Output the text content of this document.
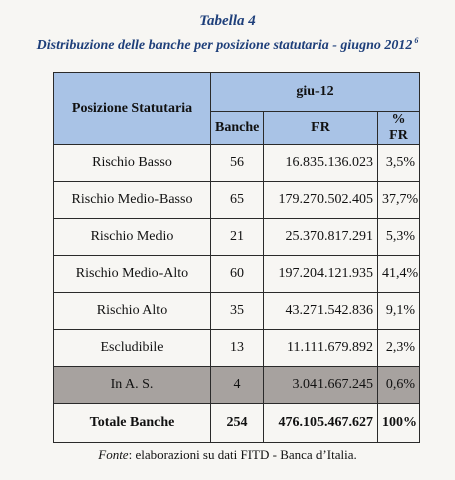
Tabella 4
Distribuzione delle banche per posizione statutaria - giugno 2012 $^6$
Posizione Statutaria	giu-12		
	Banche	FR	% FR
Rischio Basso	56	16.835.136.023	3,5%
Rischio Medio-Basso	65	179.270.502.405	37,7%
Rischio Medio	21	25.370.817.291	5,3%
Rischio Medio-Alto	60	197.204.121.935	41,4%
Rischio Alto	35	43.271.542.836	9,1%
Escludibile	13	11.111.679.892	2,3%
In A. S.	4	3.041.667.245	0,6%
Totale Banche	254	476.105.467.627	100%
Fonte: elaborazioni su dati FITD - Banca d’Italia.
